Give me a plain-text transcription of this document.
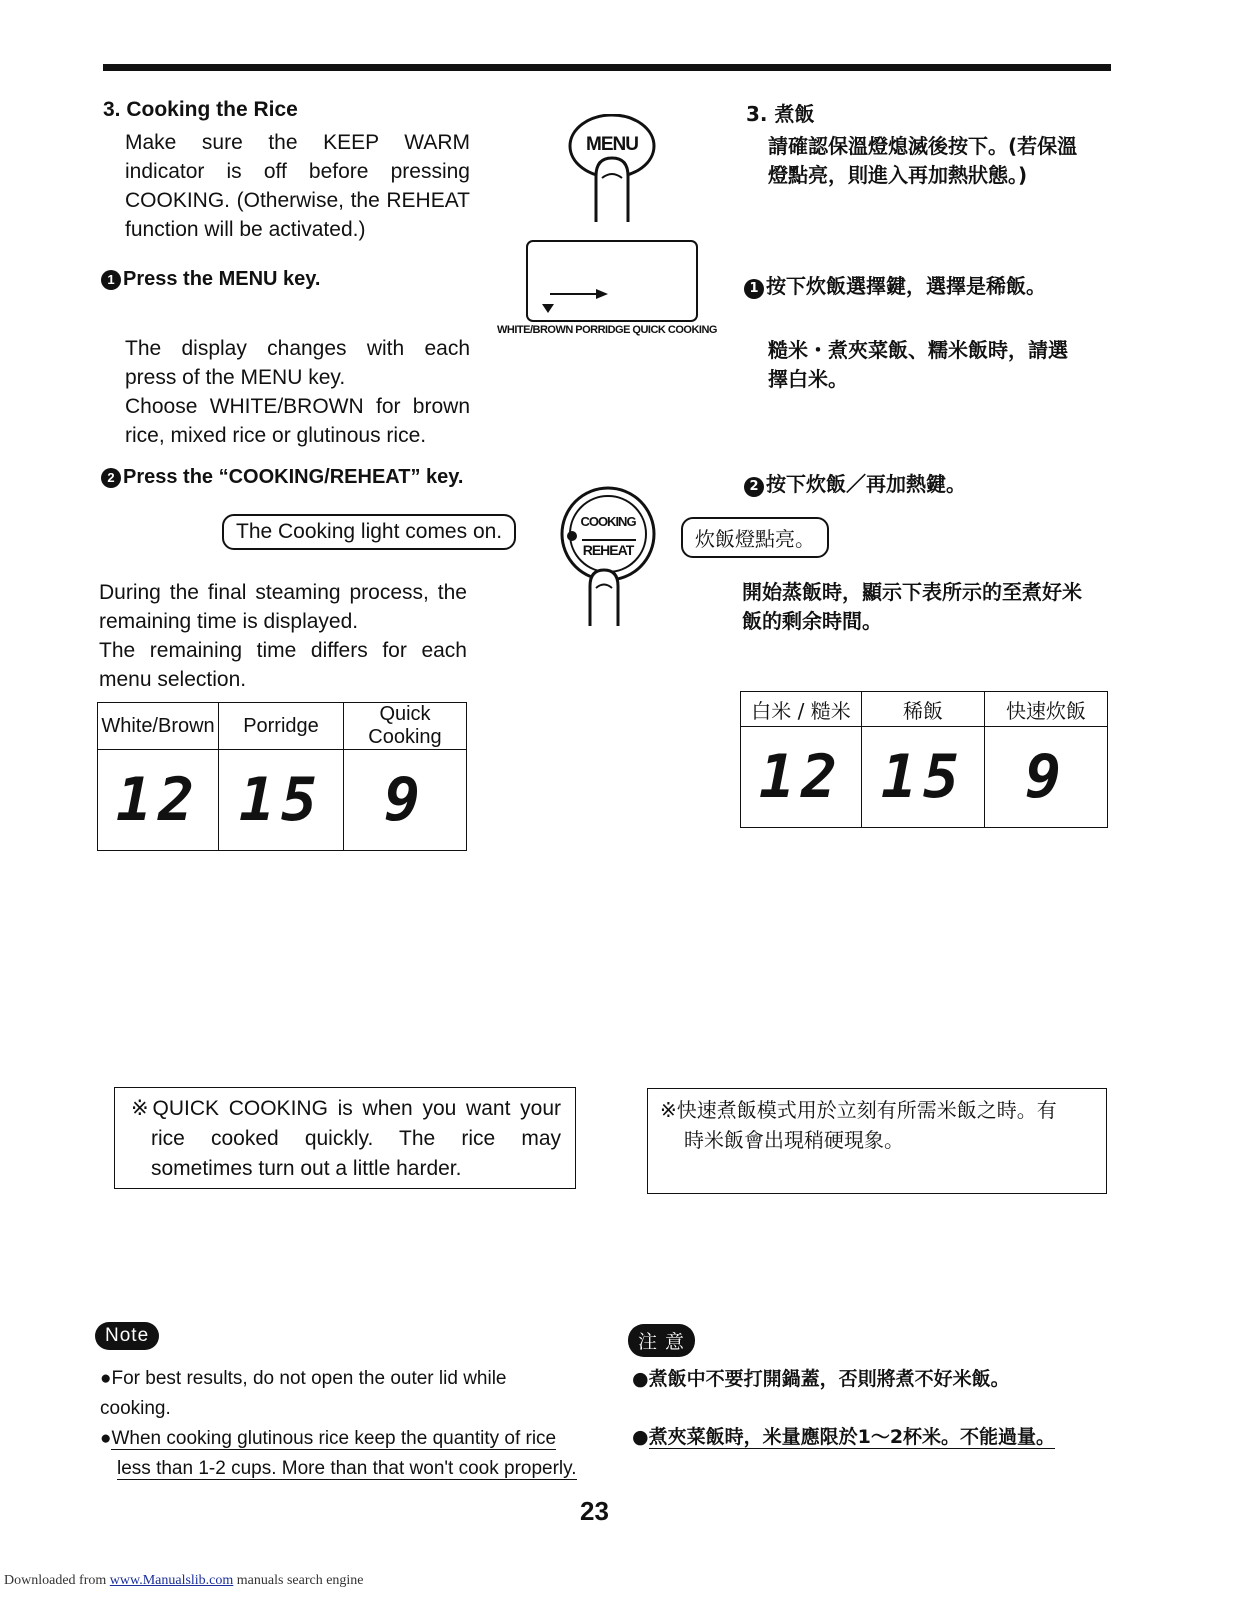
3. Cooking the Rice
Make sure the KEEP WARM
indicator is off before pressing
COOKING. (Otherwise, the REHEAT
function will be activated.)
1 Press the MENU key.
The display changes with each
press of the MENU key.
Choose WHITE/BROWN for brown
rice, mixed rice or glutinous rice.
2 Press the “COOKING/REHEAT” key.
The Cooking light comes on.
During the final steaming process, the
remaining time is displayed.
The remaining time differs for each
menu selection.
White/Brown	Porridge	Quick Cooking
12	15	9
※QUICK COOKING is when you want your
rice cooked quickly. The rice may
sometimes turn out a little harder.
Note
●For best results, do not open the outer lid while cooking.
●When cooking glutinous rice keep the quantity of rice
less than 1-2 cups. More than that won't cook properly.
MENU
WHITE/BROWN PORRIDGE QUICK COOKING
COOKING
REHEAT
3. 煮飯
請確認保溫燈熄滅後按下。(若保溫
燈點亮，則進入再加熱狀態。)
1 按下炊飯選擇鍵，選擇是稀飯。
糙米・煮夾菜飯、糯米飯時，請選
擇白米。
2 按下炊飯／再加熱鍵。
炊飯燈點亮。
開始蒸飯時，顯示下表所示的至煮好米
飯的剩余時間。
白米 / 糙米	稀飯	快速炊飯
12	15	9
※快速煮飯模式用於立刻有所需米飯之時。有
時米飯會出現稍硬現象。
注 意
●煮飯中不要打開鍋蓋，否則將煮不好米飯。
●煮夾菜飯時，米量應限於1～2杯米。不能過量。
23
Downloaded from www.Manualslib.com manuals search engine
